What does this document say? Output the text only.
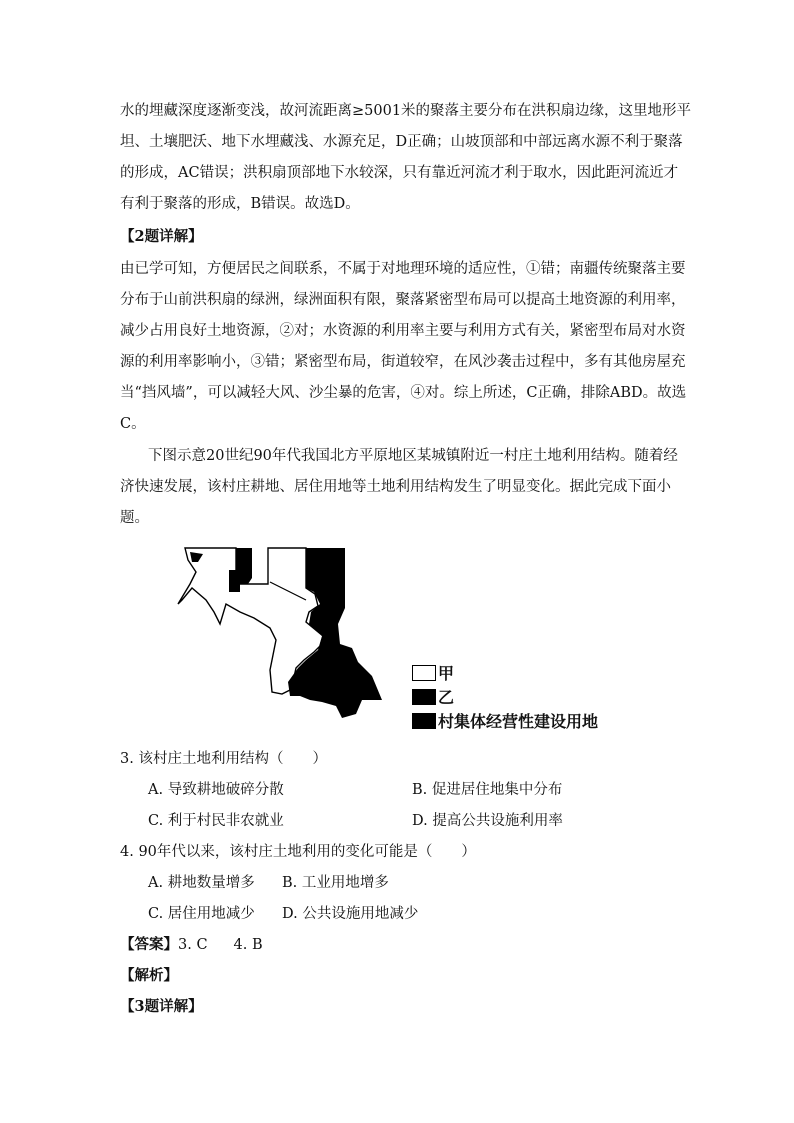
水的埋藏深度逐渐变浅，故河流距离≥5001米的聚落主要分布在洪积扇边缘，这里地形平
坦、土壤肥沃、地下水埋藏浅、水源充足，D正确；山坡顶部和中部远离水源不利于聚落
的形成，AC错误；洪积扇顶部地下水较深，只有靠近河流才利于取水，因此距河流近才
有利于聚落的形成，B错误。故选D。
【2题详解】
由已学可知，方便居民之间联系，不属于对地理环境的适应性，①错；南疆传统聚落主要
分布于山前洪积扇的绿洲，绿洲面积有限，聚落紧密型布局可以提高土地资源的利用率，
减少占用良好土地资源，②对；水资源的利用率主要与利用方式有关，紧密型布局对水资
源的利用率影响小，③错；紧密型布局，街道较窄，在风沙袭击过程中，多有其他房屋充
当“挡风墙”，可以减轻大风、沙尘暴的危害，④对。综上所述，C正确，排除ABD。故选
C。
下图示意20世纪90年代我国北方平原地区某城镇附近一村庄土地利用结构。随着经
济快速发展，该村庄耕地、居住用地等土地利用结构发生了明显变化。据此完成下面小
题。
甲
乙
村集体经营性建设用地
3. 该村庄土地利用结构（　　）
A. 导致耕地破碎分散	B. 促进居住地集中分布
C. 利于村民非农就业	D. 提高公共设施利用率
4. 90年代以来，该村庄土地利用的变化可能是（　　）
A. 耕地数量增多 B. 工业用地增多
C. 居住用地减少 D. 公共设施用地减少
【答案】3. C 4. B
【解析】
【3题详解】
